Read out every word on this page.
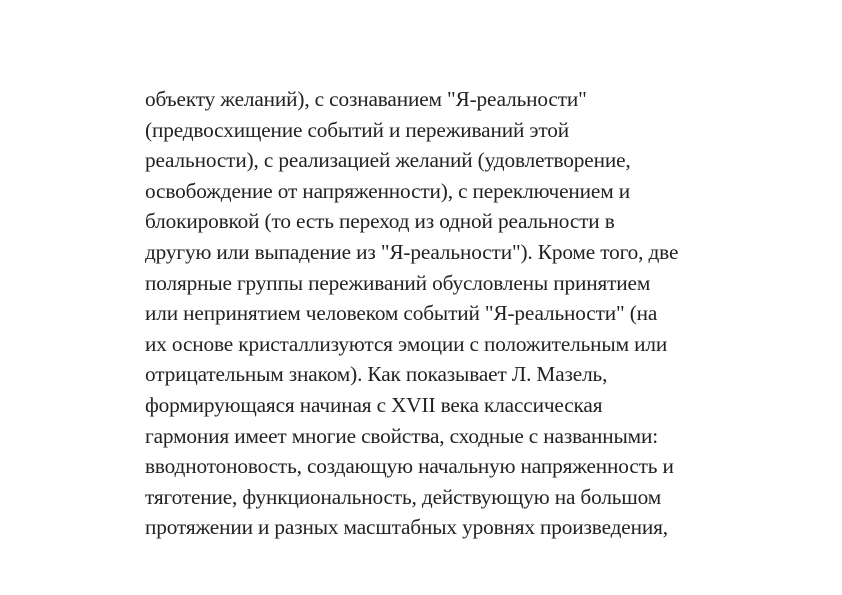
объекту желаний), с сознаванием "Я-реальности"
(предвосхищение событий и переживаний этой
реальности), с реализацией желаний (удовлетворение,
освобождение от напряженности), с переключением и
блокировкой (то есть переход из одной реальности в
другую или выпадение из "Я-реальности"). Кроме того, две
полярные группы переживаний обусловлены принятием
или непринятием человеком событий "Я-реальности" (на
их основе кристаллизуются эмоции с положительным или
отрицательным знаком). Как показывает Л. Мазель,
формирующаяся начиная с XVII века классическая
гармония имеет многие свойства, сходные с названными:
вводнотоновость, создающую начальную напряженность и
тяготение, функциональность, действующую на большом
протяжении и разных масштабных уровнях произведения,
